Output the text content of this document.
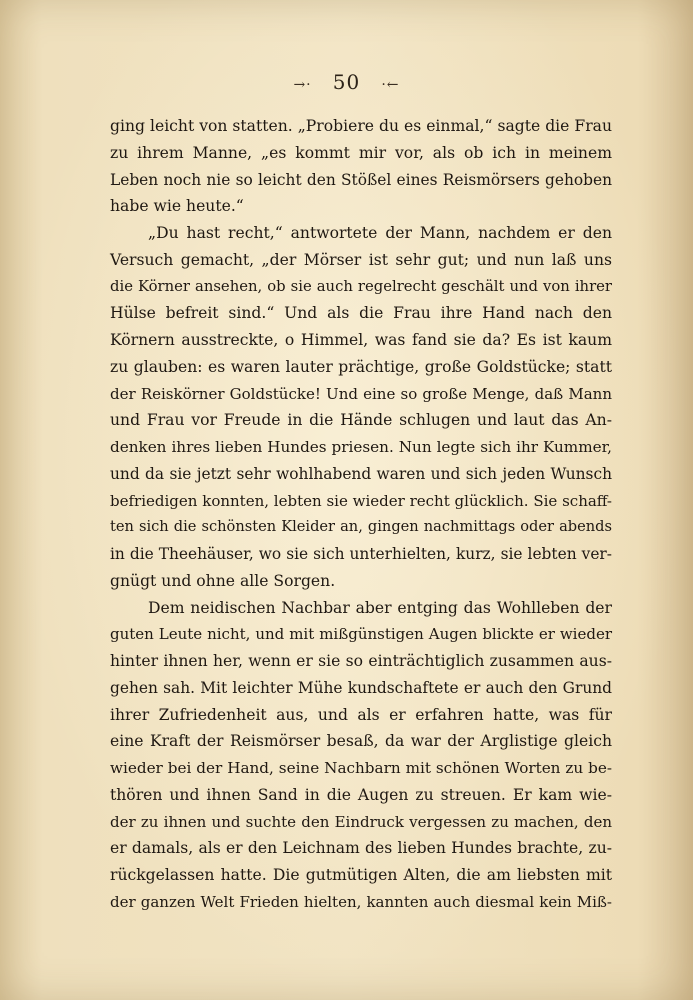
→· 50 ·←
ging leicht von statten. „Probiere du es einmal,“ sagte die Frau
zu ihrem Manne, „es kommt mir vor, als ob ich in meinem
Leben noch nie so leicht den Stößel eines Reismörsers gehoben
habe wie heute.“
„Du hast recht,“ antwortete der Mann, nachdem er den
Versuch gemacht, „der Mörser ist sehr gut; und nun laß uns
die Körner ansehen, ob sie auch regelrecht geschält und von ihrer
Hülse befreit sind.“ Und als die Frau ihre Hand nach den
Körnern ausstreckte, o Himmel, was fand sie da? Es ist kaum
zu glauben: es waren lauter prächtige, große Goldstücke; statt
der Reiskörner Goldstücke! Und eine so große Menge, daß Mann
und Frau vor Freude in die Hände schlugen und laut das An-
denken ihres lieben Hundes priesen. Nun legte sich ihr Kummer,
und da sie jetzt sehr wohlhabend waren und sich jeden Wunsch
befriedigen konnten, lebten sie wieder recht glücklich. Sie schaff-
ten sich die schönsten Kleider an, gingen nachmittags oder abends
in die Theehäuser, wo sie sich unterhielten, kurz, sie lebten ver-
gnügt und ohne alle Sorgen.
Dem neidischen Nachbar aber entging das Wohlleben der
guten Leute nicht, und mit mißgünstigen Augen blickte er wieder
hinter ihnen her, wenn er sie so einträchtiglich zusammen aus-
gehen sah. Mit leichter Mühe kundschaftete er auch den Grund
ihrer Zufriedenheit aus, und als er erfahren hatte, was für
eine Kraft der Reismörser besaß, da war der Arglistige gleich
wieder bei der Hand, seine Nachbarn mit schönen Worten zu be-
thören und ihnen Sand in die Augen zu streuen. Er kam wie-
der zu ihnen und suchte den Eindruck vergessen zu machen, den
er damals, als er den Leichnam des lieben Hundes brachte, zu-
rückgelassen hatte. Die gutmütigen Alten, die am liebsten mit
der ganzen Welt Frieden hielten, kannten auch diesmal kein Miß-
